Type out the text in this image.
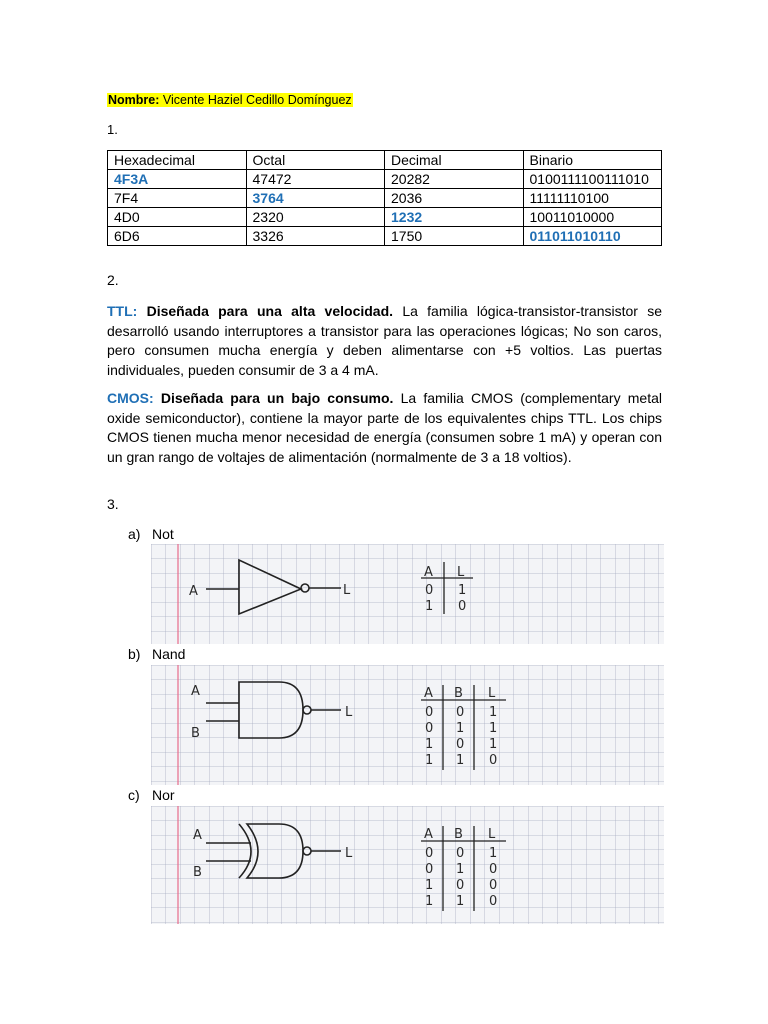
Nombre: Vicente Haziel Cedillo Domínguez
1.
Hexadecimal	Octal	Decimal	Binario
4F3A	47472	20282	0100111100111010
7F4	3764	2036	11111110100
4D0	2320	1232	10011010000
6D6	3326	1750	011011010110
2.
TTL: Diseñada para una alta velocidad. La familia lógica-transistor-transistor se desarrolló usando interruptores a transistor para las operaciones lógicas; No son caros, pero consumen mucha energía y deben alimentarse con +5 voltios. Las puertas individuales, pueden consumir de 3 a 4 mA.
CMOS: Diseñada para un bajo consumo. La familia CMOS (complementary metal oxide semiconductor), contiene la mayor parte de los equivalentes chips TTL. Los chips CMOS tienen mucha menor necesidad de energía (consumen sobre 1 mA) y operan con un gran rango de voltajes de alimentación (normalmente de 3 a 18 voltios).
3.
a) Not
A	L
A L
0 1
1 0
b) Nand
A
B
L
A B L
0 0 1
0 1 1
1 0 1
1 1 0
c) Nor
A
B
L
A B L
0 0 1
0 1 0
1 0 0
1 1 0
